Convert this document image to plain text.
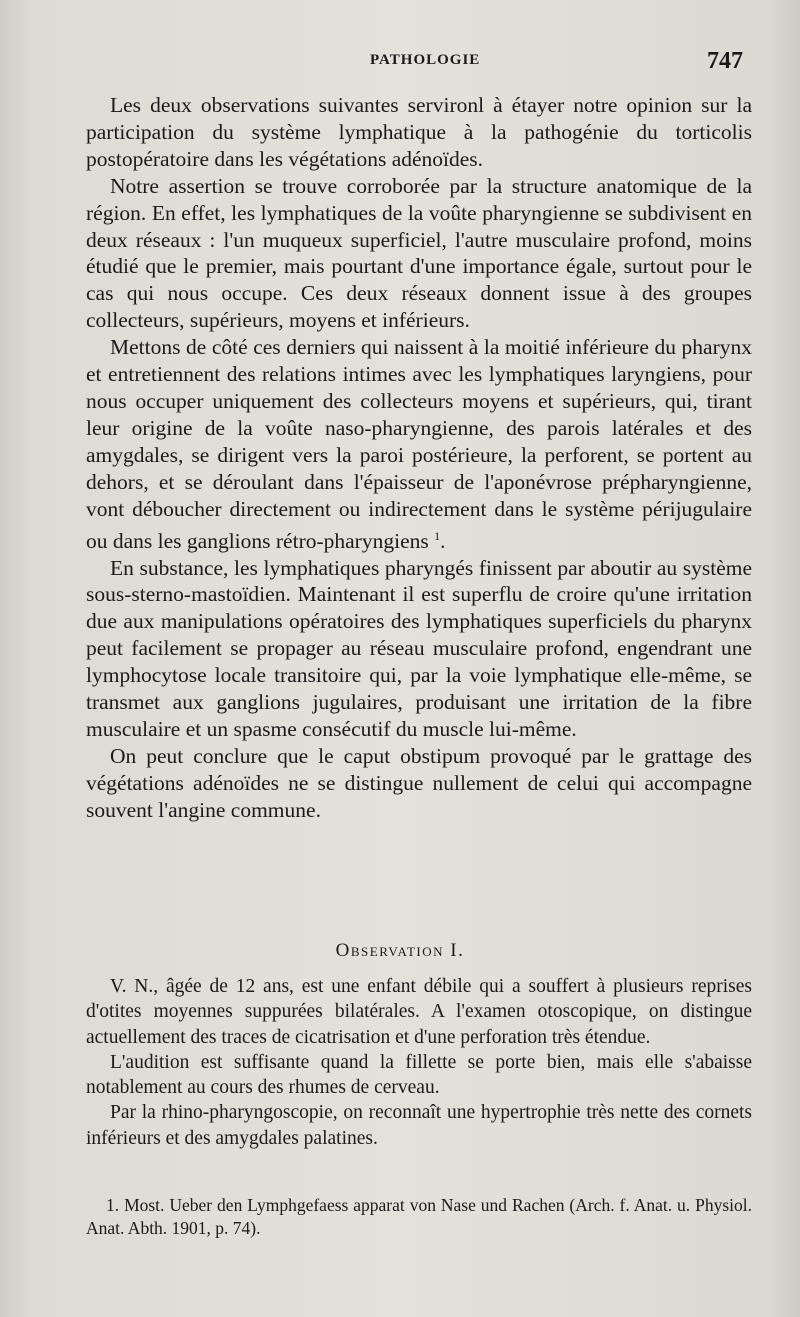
PATHOLOGIE	747

Les deux observations suivantes servironl à étayer notre opinion sur la participation du système lymphatique à la pathogénie du torticolis postopératoire dans les végétations adénoïdes.

Notre assertion se trouve corroborée par la structure anatomique de la région. En effet, les lymphatiques de la voûte pharyngienne se subdivisent en deux réseaux : l'un muqueux superficiel, l'autre musculaire profond, moins étudié que le premier, mais pourtant d'une importance égale, surtout pour le cas qui nous occupe. Ces deux réseaux donnent issue à des groupes collecteurs, supérieurs, moyens et inférieurs.

Mettons de côté ces derniers qui naissent à la moitié inférieure du pharynx et entretiennent des relations intimes avec les lymphatiques laryngiens, pour nous occuper uniquement des collecteurs moyens et supérieurs, qui, tirant leur origine de la voûte naso-pharyngienne, des parois latérales et des amygdales, se dirigent vers la paroi postérieure, la perforent, se portent au dehors, et se déroulant dans l'épaisseur de l'aponévrose prépharyngienne, vont déboucher directement ou indirectement dans le système périjugulaire ou dans les ganglions rétro-pharyngiens $^1$.

En substance, les lymphatiques pharyngés finissent par aboutir au système sous-sterno-mastoïdien. Maintenant il est superflu de croire qu'une irritation due aux manipulations opératoires des lymphatiques superficiels du pharynx peut facilement se propager au réseau musculaire profond, engendrant une lymphocytose locale transitoire qui, par la voie lymphatique elle-même, se transmet aux ganglions jugulaires, produisant une irritation de la fibre musculaire et un spasme consécutif du muscle lui-même.

On peut conclure que le caput obstipum provoqué par le grattage des végétations adénoïdes ne se distingue nullement de celui qui accompagne souvent l'angine commune.

Observation I.

V. N., âgée de 12 ans, est une enfant débile qui a souffert à plusieurs reprises d'otites moyennes suppurées bilatérales. A l'examen otoscopique, on distingue actuellement des traces de cicatrisation et d'une perforation très étendue.

L'audition est suffisante quand la fillette se porte bien, mais elle s'abaisse notablement au cours des rhumes de cerveau.

Par la rhino-pharyngoscopie, on reconnaît une hypertrophie très nette des cornets inférieurs et des amygdales palatines.

1. Most. Ueber den Lymphgefaess apparat von Nase und Rachen (Arch. f. Anat. u. Physiol. Anat. Abth. 1901, p. 74).
